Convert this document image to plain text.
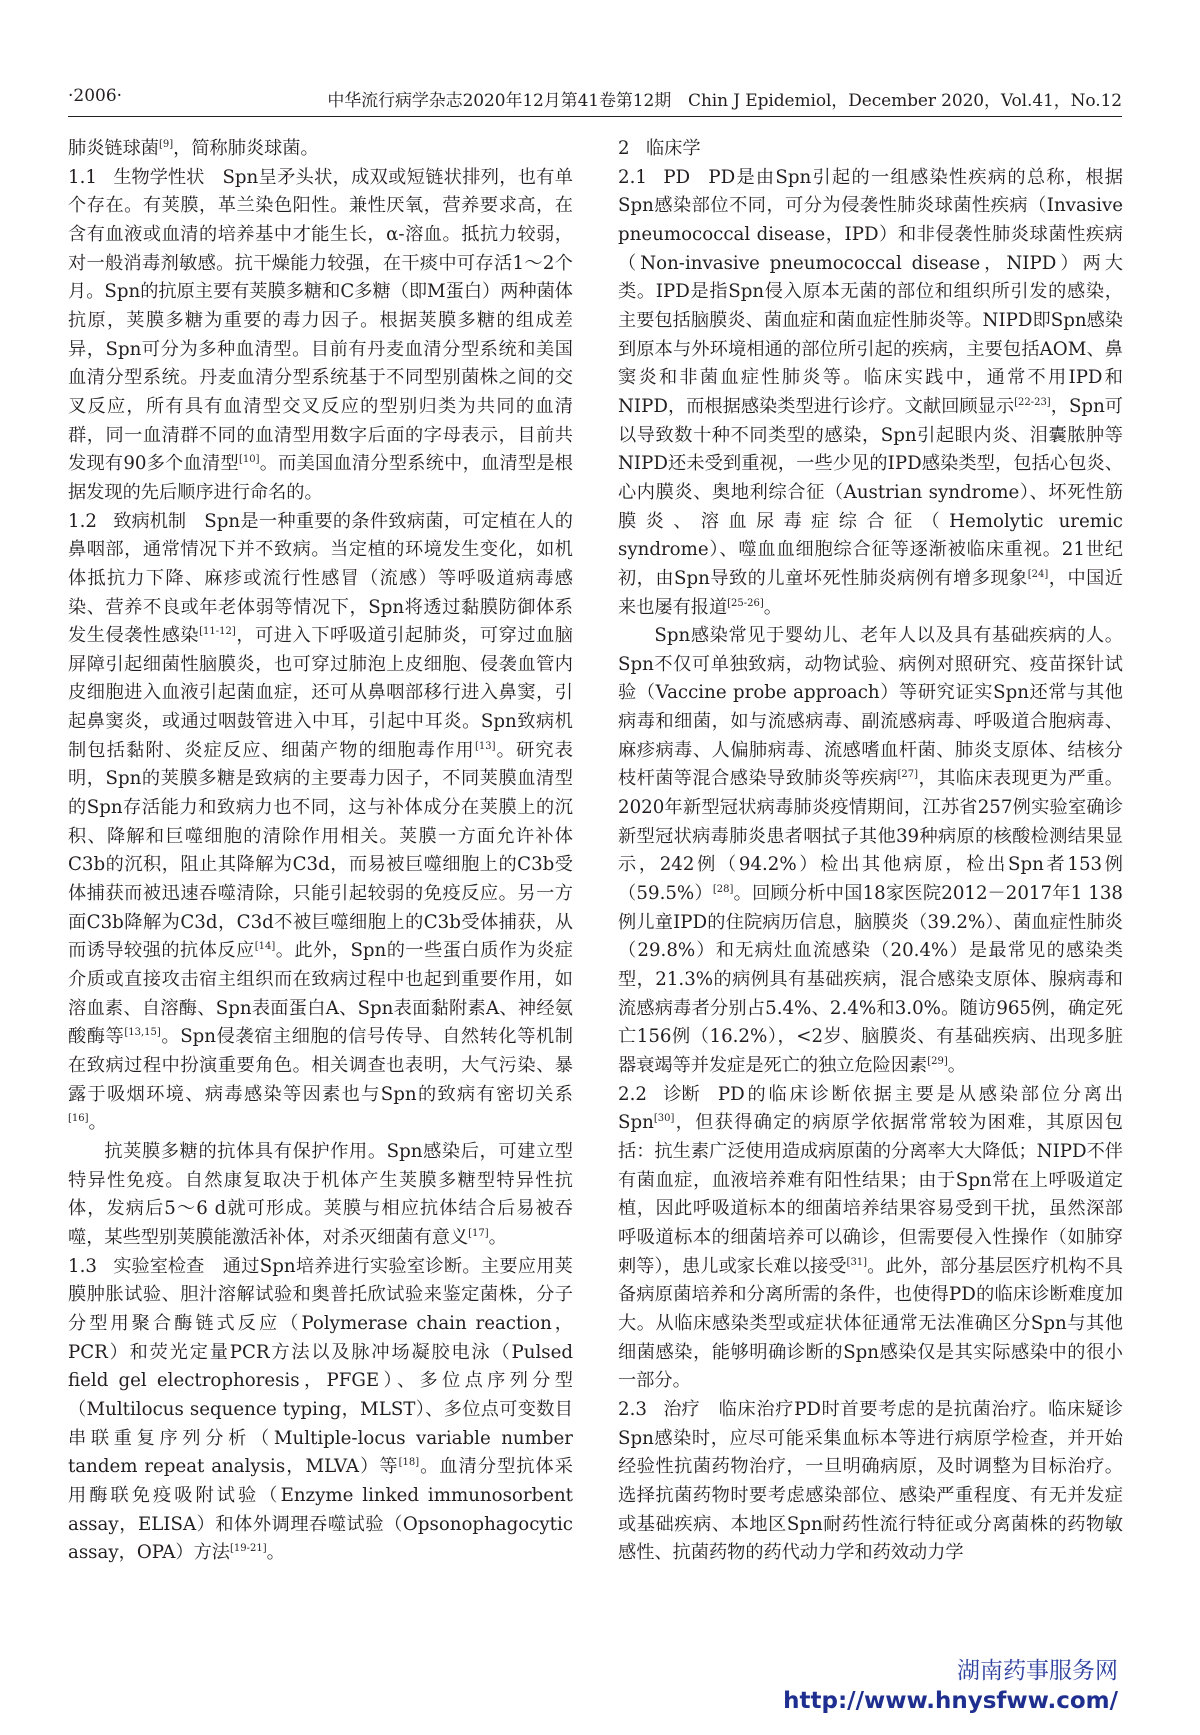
·2006·	中华流行病学杂志2020年12月第41卷第12期　Chin J Epidemiol，December 2020，Vol.41，No.12

肺炎链球菌[9]，简称肺炎球菌。

1.1 生物学性状 Spn呈矛头状，成双或短链状排列，也有单个存在。有荚膜，革兰染色阳性。兼性厌氧，营养要求高，在含有血液或血清的培养基中才能生长，α-溶血。抵抗力较弱，对一般消毒剂敏感。抗干燥能力较强，在干痰中可存活1～2个月。Spn的抗原主要有荚膜多糖和C多糖（即M蛋白）两种菌体抗原，荚膜多糖为重要的毒力因子。根据荚膜多糖的组成差异，Spn可分为多种血清型。目前有丹麦血清分型系统和美国血清分型系统。丹麦血清分型系统基于不同型别菌株之间的交叉反应，所有具有血清型交叉反应的型别归类为共同的血清群，同一血清群不同的血清型用数字后面的字母表示，目前共发现有90多个血清型[10]。而美国血清分型系统中，血清型是根据发现的先后顺序进行命名的。

1.2 致病机制 Spn是一种重要的条件致病菌，可定植在人的鼻咽部，通常情况下并不致病。当定植的环境发生变化，如机体抵抗力下降、麻疹或流行性感冒（流感）等呼吸道病毒感染、营养不良或年老体弱等情况下，Spn将透过黏膜防御体系发生侵袭性感染[11-12]，可进入下呼吸道引起肺炎，可穿过血脑屏障引起细菌性脑膜炎，也可穿过肺泡上皮细胞、侵袭血管内皮细胞进入血液引起菌血症，还可从鼻咽部移行进入鼻窦，引起鼻窦炎，或通过咽鼓管进入中耳，引起中耳炎。Spn致病机制包括黏附、炎症反应、细菌产物的细胞毒作用[13]。研究表明，Spn的荚膜多糖是致病的主要毒力因子，不同荚膜血清型的Spn存活能力和致病力也不同，这与补体成分在荚膜上的沉积、降解和巨噬细胞的清除作用相关。荚膜一方面允许补体C3b的沉积，阻止其降解为C3d，而易被巨噬细胞上的C3b受体捕获而被迅速吞噬清除，只能引起较弱的免疫反应。另一方面C3b降解为C3d，C3d不被巨噬细胞上的C3b受体捕获，从而诱导较强的抗体反应[14]。此外，Spn的一些蛋白质作为炎症介质或直接攻击宿主组织而在致病过程中也起到重要作用，如溶血素、自溶酶、Spn表面蛋白A、Spn表面黏附素A、神经氨酸酶等[13,15]。Spn侵袭宿主细胞的信号传导、自然转化等机制在致病过程中扮演重要角色。相关调查也表明，大气污染、暴露于吸烟环境、病毒感染等因素也与Spn的致病有密切关系[16]。

抗荚膜多糖的抗体具有保护作用。Spn感染后，可建立型特异性免疫。自然康复取决于机体产生荚膜多糖型特异性抗体，发病后5～6 d就可形成。荚膜与相应抗体结合后易被吞噬，某些型别荚膜能激活补体，对杀灭细菌有意义[17]。

1.3 实验室检查 通过Spn培养进行实验室诊断。主要应用荚膜肿胀试验、胆汁溶解试验和奥普托欣试验来鉴定菌株，分子分型用聚合酶链式反应（Polymerase chain reaction，PCR）和荧光定量PCR方法以及脉冲场凝胶电泳（Pulsed field gel electrophoresis，PFGE）、多位点序列分型（Multilocus sequence typing，MLST）、多位点可变数目串联重复序列分析（Multiple-locus variable number tandem repeat analysis，MLVA）等[18]。血清分型抗体采用酶联免疫吸附试验（Enzyme linked immunosorbent assay，ELISA）和体外调理吞噬试验（Opsonophagocytic assay，OPA）方法[19-21]。

2 临床学

2.1 PD PD是由Spn引起的一组感染性疾病的总称，根据Spn感染部位不同，可分为侵袭性肺炎球菌性疾病（Invasive pneumococcal disease，IPD）和非侵袭性肺炎球菌性疾病（Non-invasive pneumococcal disease，NIPD）两大类。IPD是指Spn侵入原本无菌的部位和组织所引发的感染，主要包括脑膜炎、菌血症和菌血症性肺炎等。NIPD即Spn感染到原本与外环境相通的部位所引起的疾病，主要包括AOM、鼻窦炎和非菌血症性肺炎等。临床实践中，通常不用IPD和NIPD，而根据感染类型进行诊疗。文献回顾显示[22-23]，Spn可以导致数十种不同类型的感染，Spn引起眼内炎、泪囊脓肿等NIPD还未受到重视，一些少见的IPD感染类型，包括心包炎、心内膜炎、奥地利综合征（Austrian syndrome）、坏死性筋膜炎、溶血尿毒症综合征（Hemolytic uremic syndrome）、噬血血细胞综合征等逐渐被临床重视。21世纪初，由Spn导致的儿童坏死性肺炎病例有增多现象[24]，中国近来也屡有报道[25-26]。

Spn感染常见于婴幼儿、老年人以及具有基础疾病的人。Spn不仅可单独致病，动物试验、病例对照研究、疫苗探针试验（Vaccine probe approach）等研究证实Spn还常与其他病毒和细菌，如与流感病毒、副流感病毒、呼吸道合胞病毒、麻疹病毒、人偏肺病毒、流感嗜血杆菌、肺炎支原体、结核分枝杆菌等混合感染导致肺炎等疾病[27]，其临床表现更为严重。2020年新型冠状病毒肺炎疫情期间，江苏省257例实验室确诊新型冠状病毒肺炎患者咽拭子其他39种病原的核酸检测结果显示，242例（94.2%）检出其他病原，检出Spn者153例（59.5%）[28]。回顾分析中国18家医院2012－2017年1 138例儿童IPD的住院病历信息，脑膜炎（39.2%）、菌血症性肺炎（29.8%）和无病灶血流感染（20.4%）是最常见的感染类型，21.3%的病例具有基础疾病，混合感染支原体、腺病毒和流感病毒者分别占5.4%、2.4%和3.0%。随访965例，确定死亡156例（16.2%），<2岁、脑膜炎、有基础疾病、出现多脏器衰竭等并发症是死亡的独立危险因素[29]。

2.2 诊断 PD的临床诊断依据主要是从感染部位分离出Spn[30]，但获得确定的病原学依据常常较为困难，其原因包括：抗生素广泛使用造成病原菌的分离率大大降低；NIPD不伴有菌血症，血液培养难有阳性结果；由于Spn常在上呼吸道定植，因此呼吸道标本的细菌培养结果容易受到干扰，虽然深部呼吸道标本的细菌培养可以确诊，但需要侵入性操作（如肺穿刺等），患儿或家长难以接受[31]。此外，部分基层医疗机构不具备病原菌培养和分离所需的条件，也使得PD的临床诊断难度加大。从临床感染类型或症状体征通常无法准确区分Spn与其他细菌感染，能够明确诊断的Spn感染仅是其实际感染中的很小一部分。

2.3 治疗 临床治疗PD时首要考虑的是抗菌治疗。临床疑诊Spn感染时，应尽可能采集血标本等进行病原学检查，并开始经验性抗菌药物治疗，一旦明确病原，及时调整为目标治疗。选择抗菌药物时要考虑感染部位、感染严重程度、有无并发症或基础疾病、本地区Spn耐药性流行特征或分离菌株的药物敏感性、抗菌药物的药代动力学和药效动力学

湖南药事服务网
http://www.hnysfww.com/
